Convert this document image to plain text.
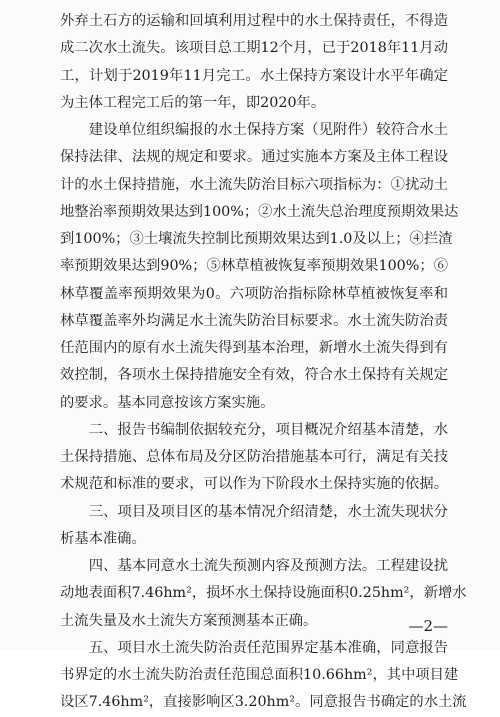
外弃土石方的运输和回填利用过程中的水土保持责任，不得造
成二次水土流失。该项目总工期12个月，已于2018年11月动
工，计划于2019年11月完工。水土保持方案设计水平年确定
为主体工程完工后的第一年，即2020年。
　　建设单位组织编报的水土保持方案（见附件）较符合水土
保持法律、法规的规定和要求。通过实施本方案及主体工程设
计的水土保持措施，水土流失防治目标六项指标为：①扰动土
地整治率预期效果达到100%；②水土流失总治理度预期效果达
到100%；③土壤流失控制比预期效果达到1.0及以上；④拦渣
率预期效果达到90%；⑤林草植被恢复率预期效果100%；⑥
林草覆盖率预期效果为0。六项防治指标除林草植被恢复率和
林草覆盖率外均满足水土流失防治目标要求。水土流失防治责
任范围内的原有水土流失得到基本治理，新增水土流失得到有
效控制，各项水土保持措施安全有效，符合水土保持有关规定
的要求。基本同意按该方案实施。
　　二、报告书编制依据较充分，项目概况介绍基本清楚，水
土保持措施、总体布局及分区防治措施基本可行，满足有关技
术规范和标准的要求，可以作为下阶段水土保持实施的依据。
　　三、项目及项目区的基本情况介绍清楚，水土流失现状分
析基本准确。
　　四、基本同意水土流失预测内容及预测方法。工程建设扰
动地表面积7.46hm²，损坏水土保持设施面积0.25hm²，新增水
土流失量及水土流失方案预测基本正确。
　　五、项目水土流失防治责任范围界定基本准确，同意报告
书界定的水土流失防治责任范围总面积10.66hm²，其中项目建
设区7.46hm²，直接影响区3.20hm²。同意报告书确定的水土流
—2—
